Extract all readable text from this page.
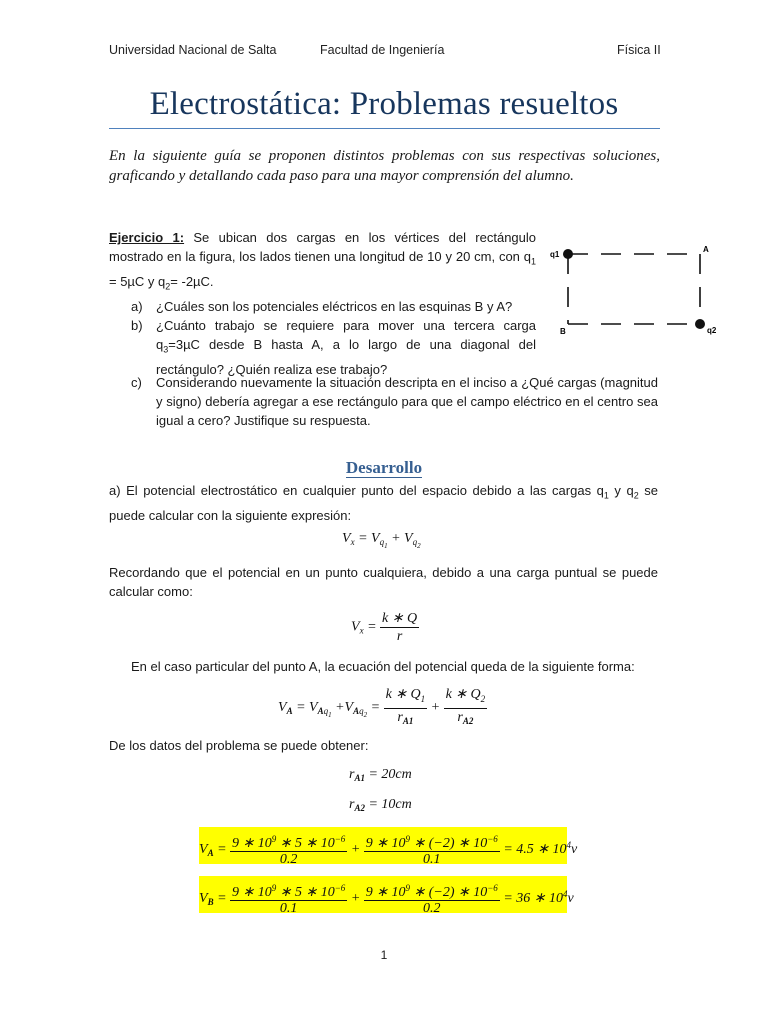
Universidad Nacional de Salta	Facultad de Ingeniería	Física II
Electrostática: Problemas resueltos
En la siguiente guía se proponen distintos problemas con sus respectivas soluciones, graficando y detallando cada paso para una mayor comprensión del alumno.
Ejercicio 1: Se ubican dos cargas en los vértices del rectángulo mostrado en la figura, los lados tienen una longitud de 10 y 20 cm, con $q_1 = 5\mu C$ y $q_2= -2\mu C$.
a) ¿Cuáles son los potenciales eléctricos en las esquinas B y A?
b) ¿Cuánto trabajo se requiere para mover una tercera carga $q_3=3\mu C$ desde B hasta A, a lo largo de una diagonal del rectángulo? ¿Quién realiza ese trabajo?
c) Considerando nuevamente la situación descripta en el inciso a ¿Qué cargas (magnitud y signo) debería agregar a ese rectángulo para que el campo eléctrico en el centro sea igual a cero? Justifique su respuesta.
q1
A
B	q2
Desarrollo
a) El potencial electrostático en cualquier punto del espacio debido a las cargas $q_1$ y $q_2$ se puede calcular con la siguiente expresión:
$V_x = V_{q_1} + V_{q_2}$
Recordando que el potencial en un punto cualquiera, debido a una carga puntual se puede calcular como:
$V_x = \frac{k ∗ Q}{r}$
En el caso particular del punto A, la ecuación del potencial queda de la siguiente forma:
$V_A = V_{Aq_1} +V_{Aq_2} = \frac{k ∗ Q_1}{r_{A1}} + \frac{k ∗ Q_2}{r_{A2}}$
De los datos del problema se puede obtener:
$r_{A1} = 20cm$
$r_{A2} = 10cm$
$V_A = \frac{9 ∗ 10^9 ∗ 5 ∗ 10^{-6}}{0.2} + \frac{9 ∗ 10^9 ∗ (-2) ∗ 10^{-6}}{0.1} = 4.5$ ∗ $10^4v$
$V_B = \frac{9 ∗ 10^9 ∗ 5 ∗ 10^{-6}}{0.1} + \frac{9 ∗ 10^9 ∗ (-2) ∗ 10^{-6}}{0.2} = 36$ ∗ $10^4v$
1
